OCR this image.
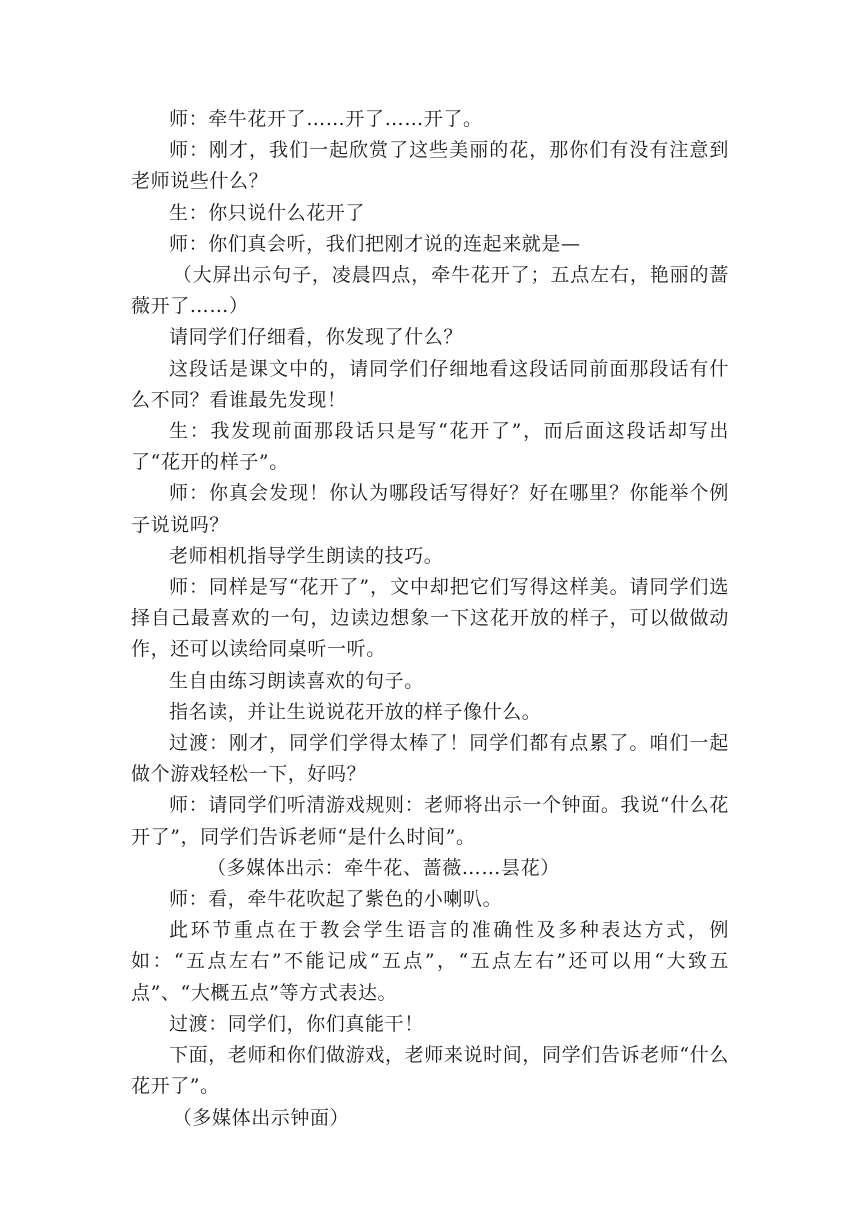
师：牵牛花开了……开了……开了。

师：刚才，我们一起欣赏了这些美丽的花，那你们有没有注意到老师说些什么？

生：你只说什么花开了

师：你们真会听，我们把刚才说的连起来就是—

（大屏出示句子，凌晨四点，牵牛花开了；五点左右，艳丽的蔷薇开了……）

请同学们仔细看，你发现了什么？

这段话是课文中的，请同学们仔细地看这段话同前面那段话有什么不同？看谁最先发现！

生：我发现前面那段话只是写“花开了”，而后面这段话却写出了“花开的样子”。

师：你真会发现！你认为哪段话写得好？好在哪里？你能举个例子说说吗？

老师相机指导学生朗读的技巧。

师：同样是写“花开了”，文中却把它们写得这样美。请同学们选择自己最喜欢的一句，边读边想象一下这花开放的样子，可以做做动作，还可以读给同桌听一听。

生自由练习朗读喜欢的句子。

指名读，并让生说说花开放的样子像什么。

过渡：刚才，同学们学得太棒了！同学们都有点累了。咱们一起做个游戏轻松一下，好吗？

师：请同学们听清游戏规则：老师将出示一个钟面。我说“什么花开了”，同学们告诉老师“是什么时间”。

（多媒体出示：牵牛花、蔷薇……昙花）

师：看，牵牛花吹起了紫色的小喇叭。

此环节重点在于教会学生语言的准确性及多种表达方式，例如：“五点左右”不能记成“五点”，“五点左右”还可以用“大致五点”、“大概五点”等方式表达。

过渡：同学们，你们真能干！

下面，老师和你们做游戏，老师来说时间，同学们告诉老师“什么花开了”。

（多媒体出示钟面）
